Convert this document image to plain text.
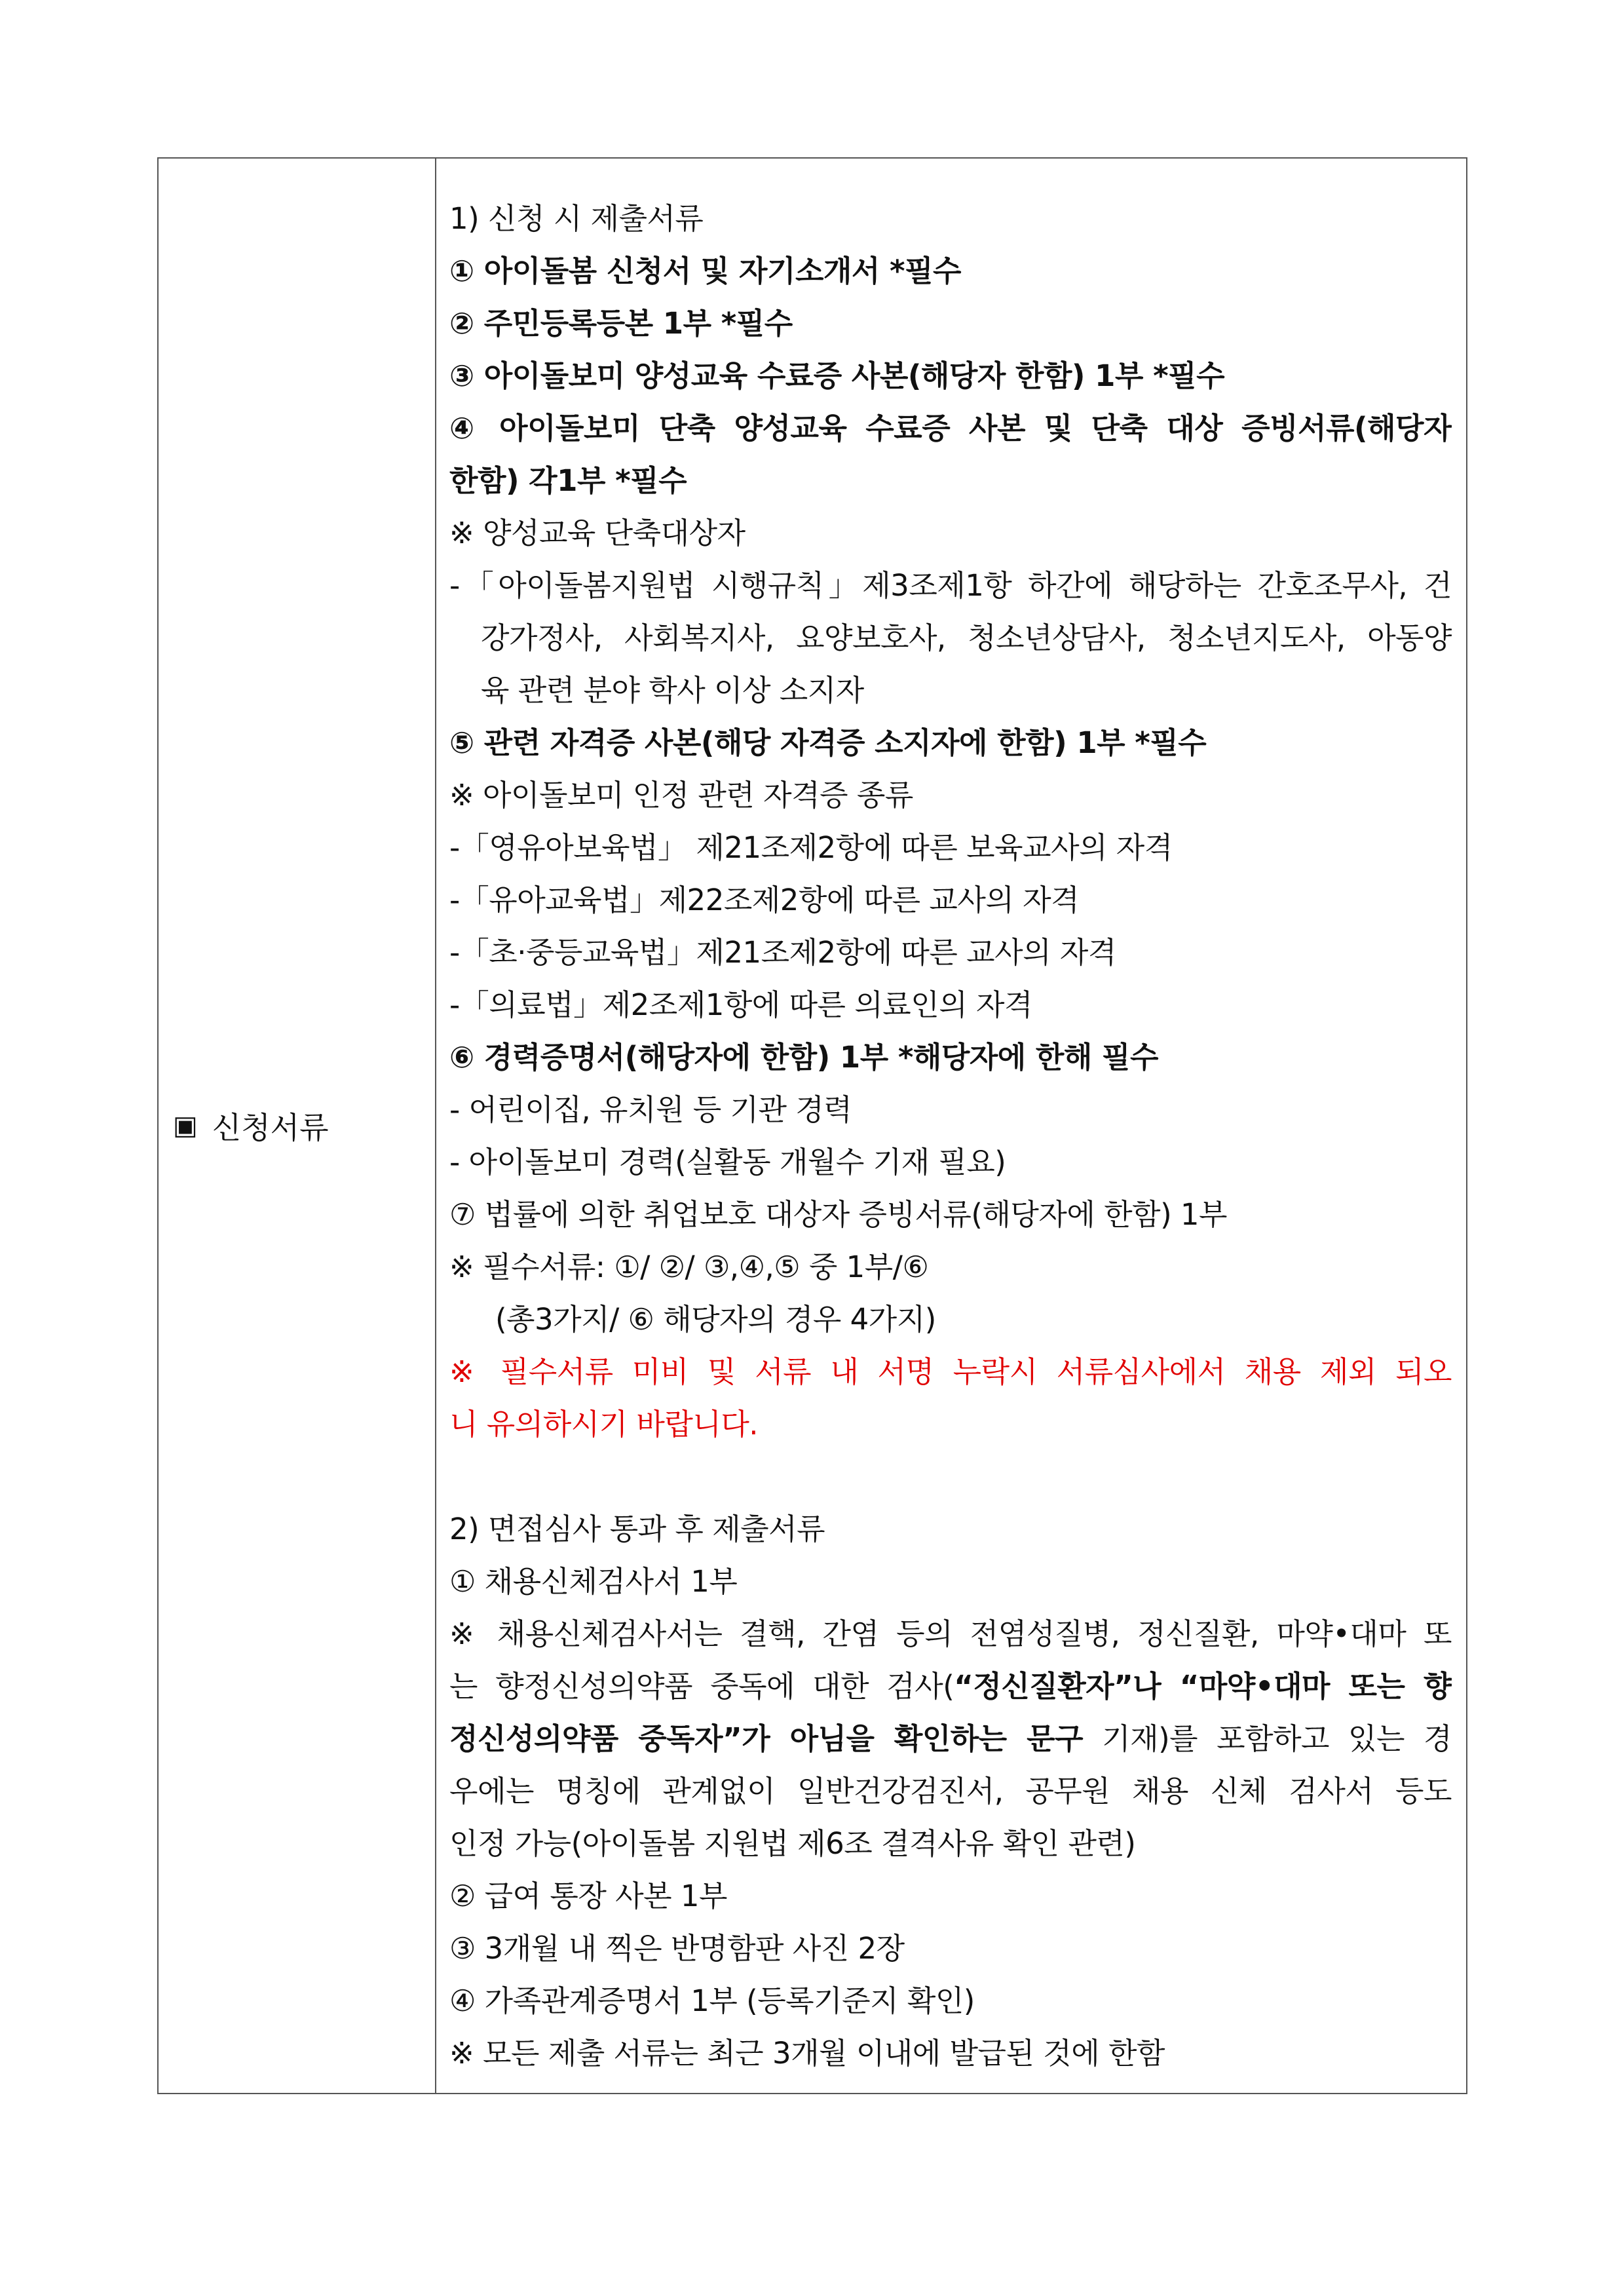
▣ 신청서류
1) 신청 시 제출서류
① 아이돌봄 신청서 및 자기소개서 *필수
② 주민등록등본 1부 *필수
③ 아이돌보미 양성교육 수료증 사본(해당자 한함) 1부 *필수
④ 아이돌보미 단축 양성교육 수료증 사본 및 단축 대상 증빙서류(해당자
한함) 각1부 *필수
※ 양성교육 단축대상자
-「아이돌봄지원법 시행규칙」제3조제1항 하간에 해당하는 간호조무사, 건
강가정사, 사회복지사, 요양보호사, 청소년상담사, 청소년지도사, 아동양
육 관련 분야 학사 이상 소지자
⑤ 관련 자격증 사본(해당 자격증 소지자에 한함) 1부 *필수
※ 아이돌보미 인정 관련 자격증 종류
-「영유아보육법」 제21조제2항에 따른 보육교사의 자격
-「유아교육법」제22조제2항에 따른 교사의 자격
-「초·중등교육법」제21조제2항에 따른 교사의 자격
-「의료법」제2조제1항에 따른 의료인의 자격
⑥ 경력증명서(해당자에 한함) 1부 *해당자에 한해 필수
- 어린이집, 유치원 등 기관 경력
- 아이돌보미 경력(실활동 개월수 기재 필요)
⑦ 법률에 의한 취업보호 대상자 증빙서류(해당자에 한함) 1부
※ 필수서류: ①/ ②/ ③,④,⑤ 중 1부/⑥
(총3가지/ ⑥ 해당자의 경우 4가지)
※ 필수서류 미비 및 서류 내 서명 누락시 서류심사에서 채용 제외 되오
니 유의하시기 바랍니다.
2) 면접심사 통과 후 제출서류
① 채용신체검사서 1부
※ 채용신체검사서는 결핵, 간염 등의 전염성질병, 정신질환, 마약•대마 또
는 향정신성의약품 중독에 대한 검사(“정신질환자”나 “마약•대마 또는 향
정신성의약품 중독자”가 아님을 확인하는 문구 기재)를 포함하고 있는 경
우에는 명칭에 관계없이 일반건강검진서, 공무원 채용 신체 검사서 등도
인정 가능(아이돌봄 지원법 제6조 결격사유 확인 관련)
② 급여 통장 사본 1부
③ 3개월 내 찍은 반명함판 사진 2장
④ 가족관계증명서 1부 (등록기준지 확인)
※ 모든 제출 서류는 최근 3개월 이내에 발급된 것에 한함
